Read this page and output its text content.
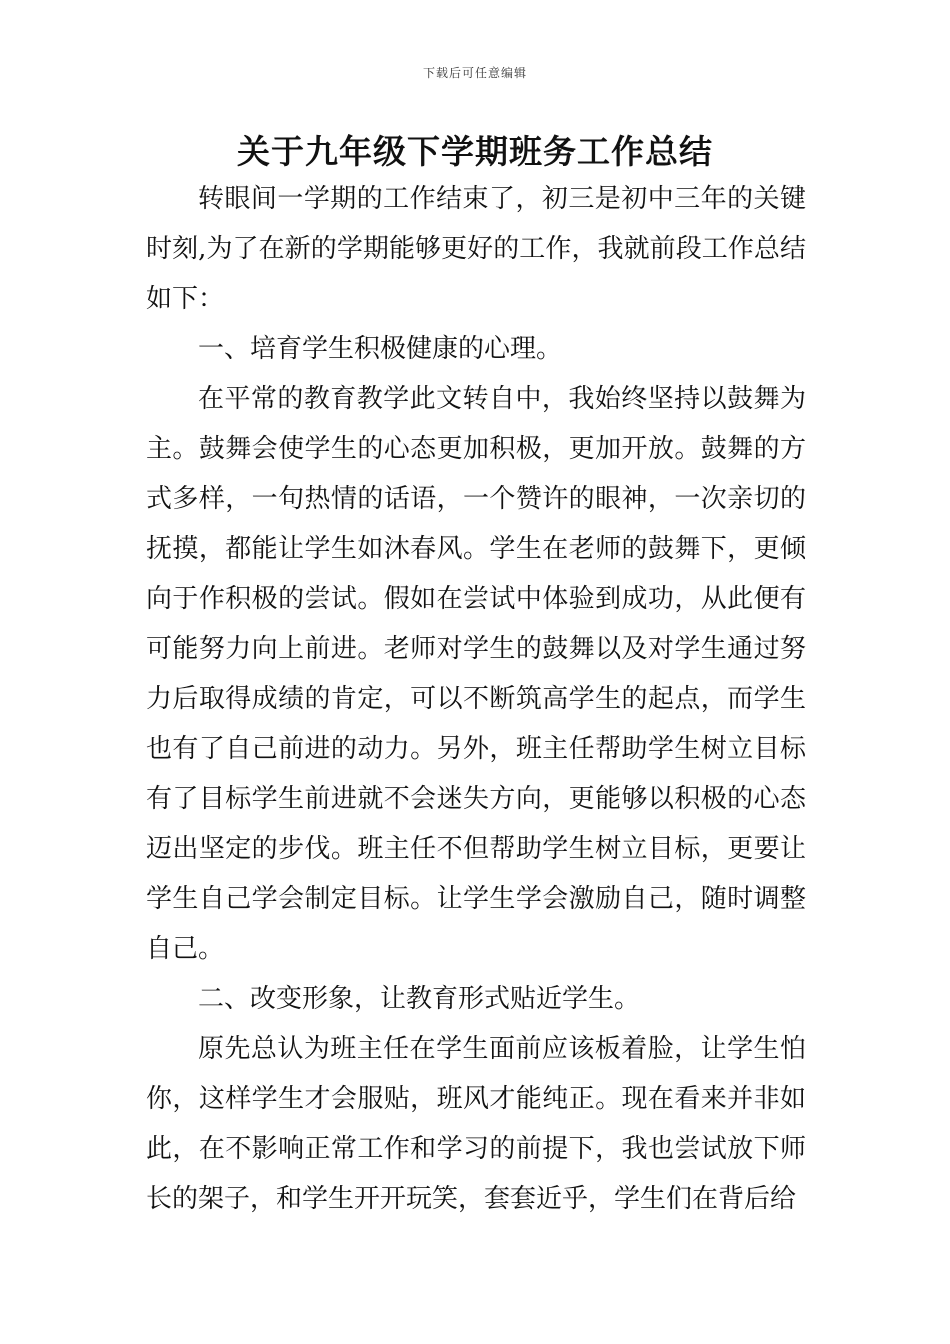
下载后可任意编辑
关于九年级下学期班务工作总结

转眼间一学期的工作结束了，初三是初中三年的关键时刻,为了在新的学期能够更好的工作，我就前段工作总结如下：

一、培育学生积极健康的心理。

在平常的教育教学此文转自中，我始终坚持以鼓舞为主。鼓舞会使学生的心态更加积极，更加开放。鼓舞的方式多样，一句热情的话语，一个赞许的眼神，一次亲切的抚摸，都能让学生如沐春风。学生在老师的鼓舞下，更倾向于作积极的尝试。假如在尝试中体验到成功，从此便有可能努力向上前进。老师对学生的鼓舞以及对学生通过努力后取得成绩的肯定，可以不断筑高学生的起点，而学生也有了自己前进的动力。另外，班主任帮助学生树立目标有了目标学生前进就不会迷失方向，更能够以积极的心态迈出坚定的步伐。班主任不但帮助学生树立目标，更要让学生自己学会制定目标。让学生学会激励自己，随时调整自己。

二、改变形象，让教育形式贴近学生。

原先总认为班主任在学生面前应该板着脸，让学生怕你，这样学生才会服贴，班风才能纯正。现在看来并非如此，在不影响正常工作和学习的前提下，我也尝试放下师长的架子，和学生开开玩笑，套套近乎，学生们在背后给
